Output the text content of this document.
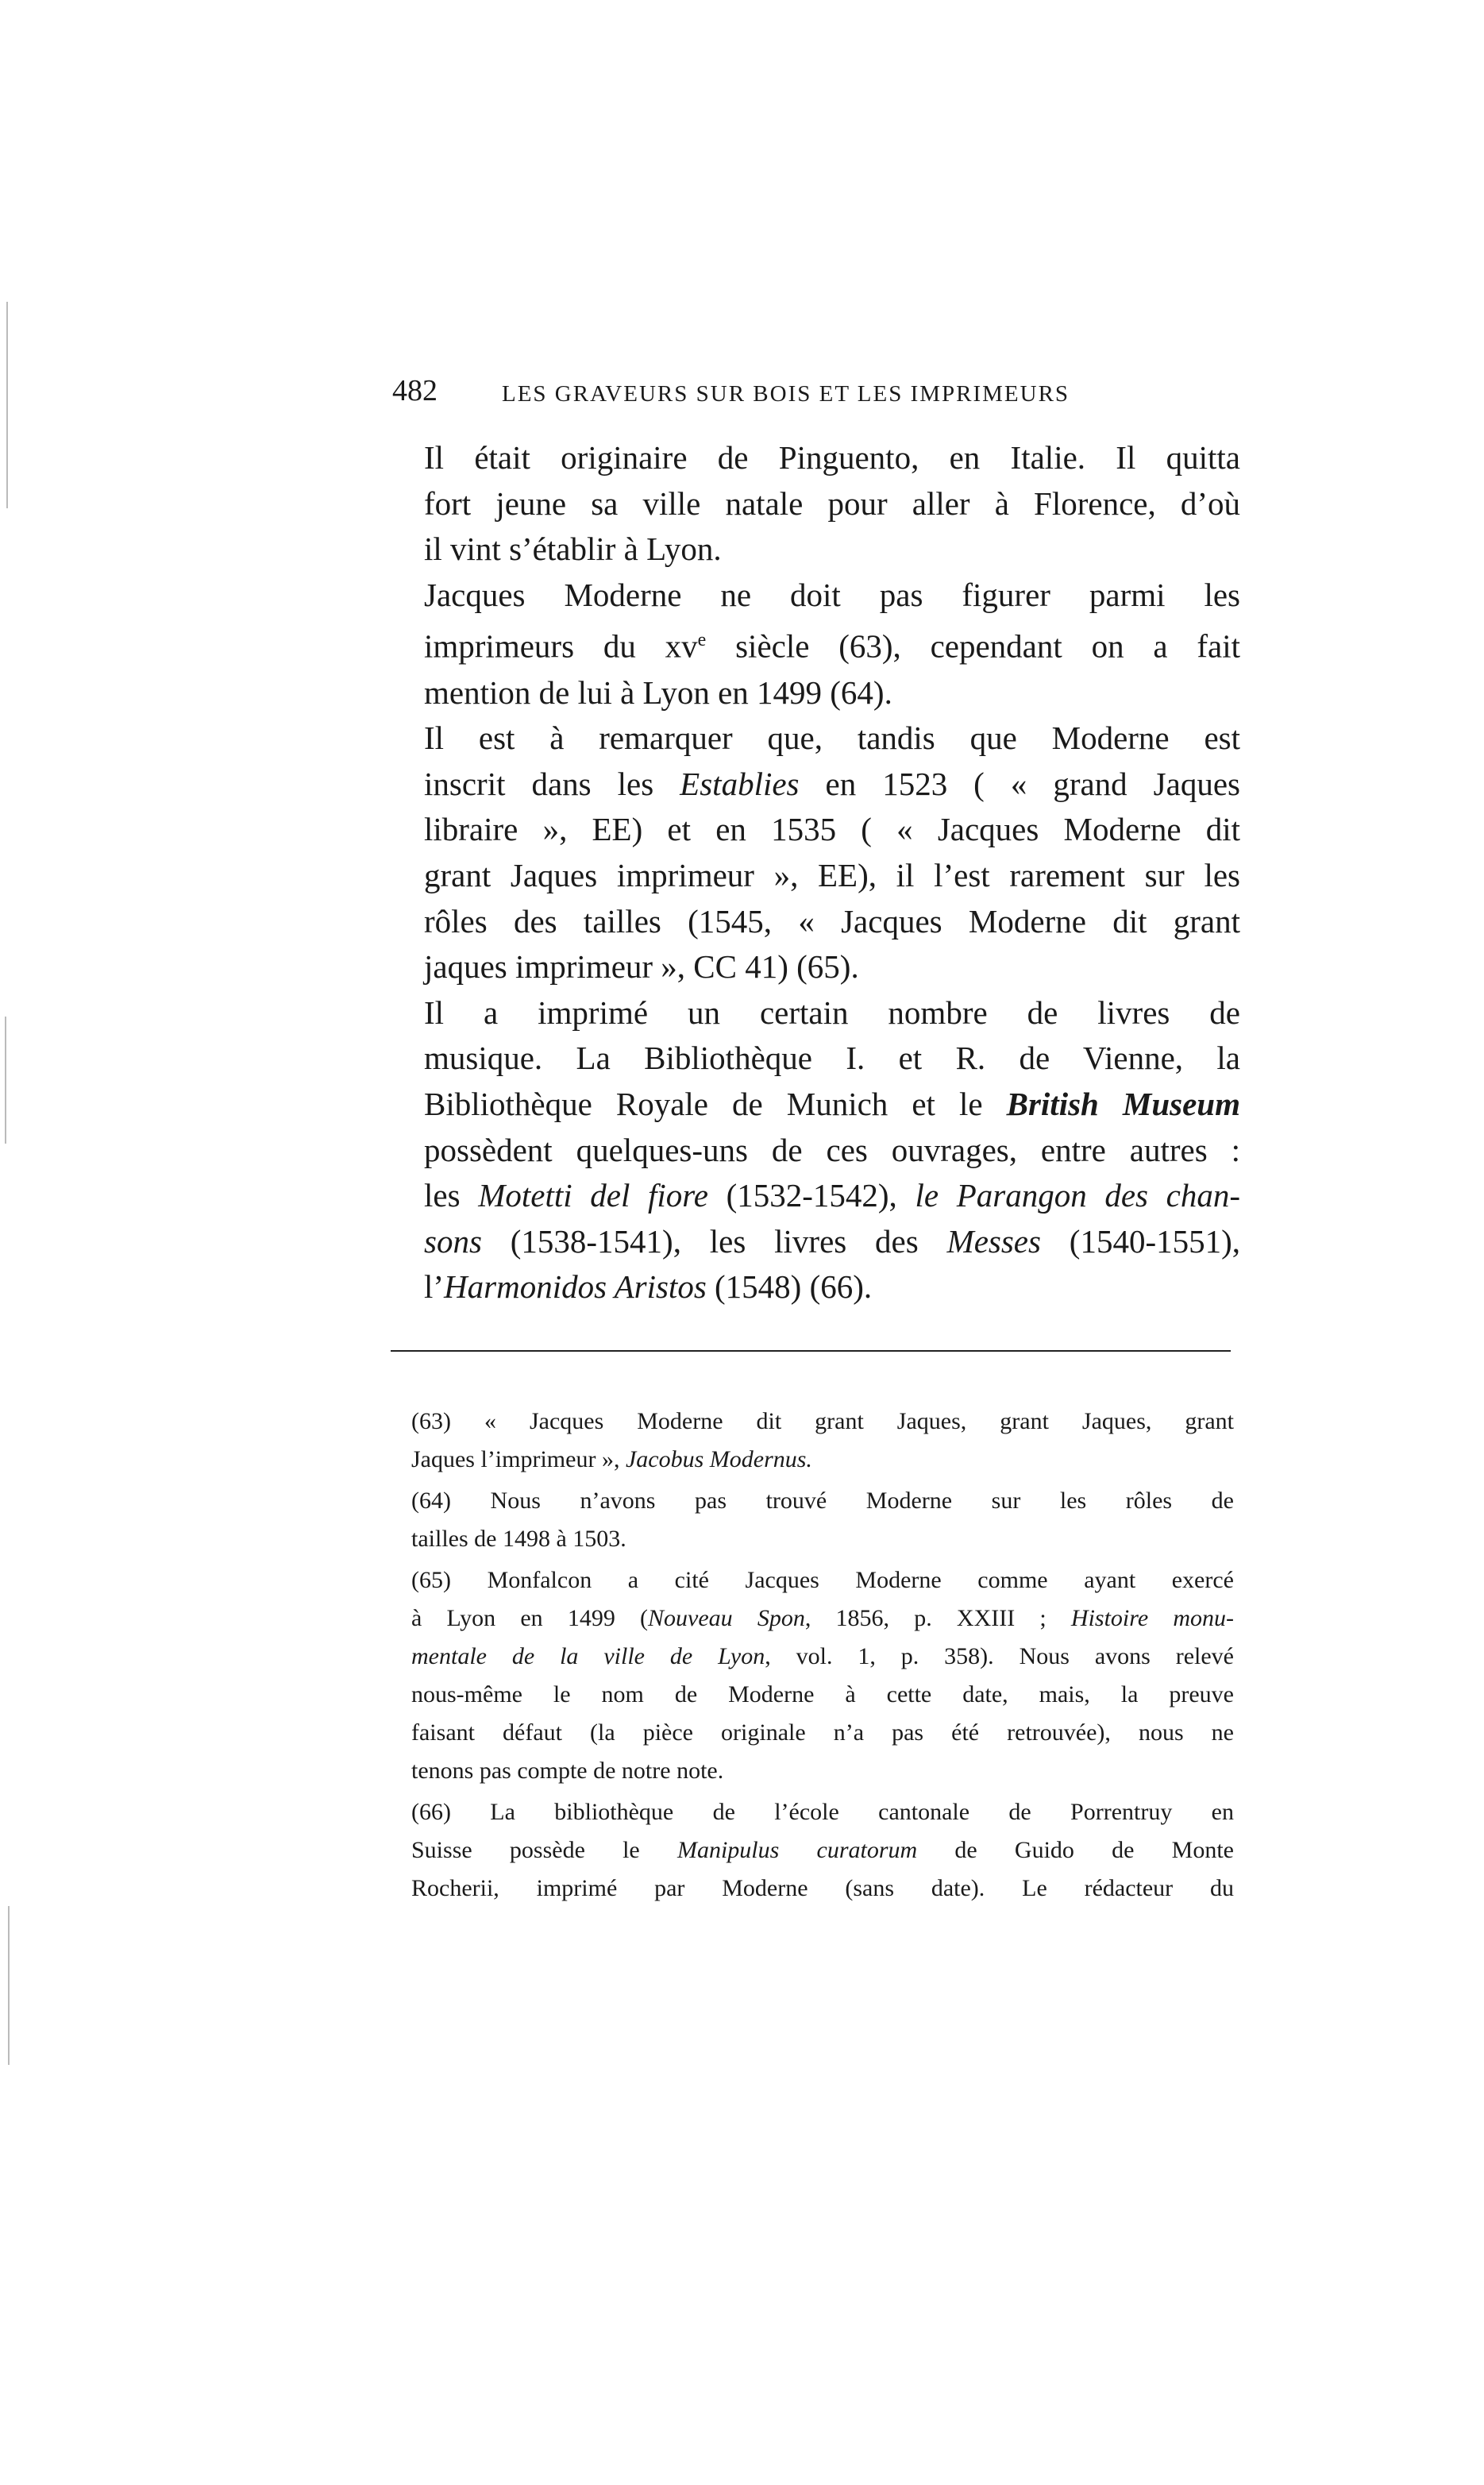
482	LES GRAVEURS SUR BOIS ET LES IMPRIMEURS

Il était originaire de Pinguento, en Italie. Il quitta
fort jeune sa ville natale pour aller à Florence, d’où
il vint s’établir à Lyon.

Jacques Moderne ne doit pas figurer parmi les
imprimeurs du $xv^e$ siècle (63), cependant on a fait
mention de lui à Lyon en 1499 (64).

Il est à remarquer que, tandis que Moderne est
inscrit dans les Establies en 1523 ( « grand Jaques
libraire », EE) et en 1535 ( « Jacques Moderne dit
grant Jaques imprimeur », EE), il l’est rarement sur les
rôles des tailles (1545, « Jacques Moderne dit grant
jaques imprimeur », CC 41) (65).

Il a imprimé un certain nombre de livres de
musique. La Bibliothèque I. et R. de Vienne, la
Bibliothèque Royale de Munich et le British Museum
possèdent quelques-uns de ces ouvrages, entre autres :
les Motetti del fiore (1532-1542), le Parangon des chan-
sons (1538-1541), les livres des Messes (1540-1551),
l’Harmonidos Aristos (1548) (66).

(63) « Jacques Moderne dit grant Jaques, grant Jaques, grant
Jaques l’imprimeur », Jacobus Modernus.

(64) Nous n’avons pas trouvé Moderne sur les rôles de
tailles de 1498 à 1503.

(65) Monfalcon a cité Jacques Moderne comme ayant exercé
à Lyon en 1499 (Nouveau Spon, 1856, p. XXIII ; Histoire monu-
mentale de la ville de Lyon, vol. 1, p. 358). Nous avons relevé
nous-même le nom de Moderne à cette date, mais, la preuve
faisant défaut (la pièce originale n’a pas été retrouvée), nous ne
tenons pas compte de notre note.

(66) La bibliothèque de l’école cantonale de Porrentruy en
Suisse possède le Manipulus curatorum de Guido de Monte
Rocherii, imprimé par Moderne (sans date). Le rédacteur du
